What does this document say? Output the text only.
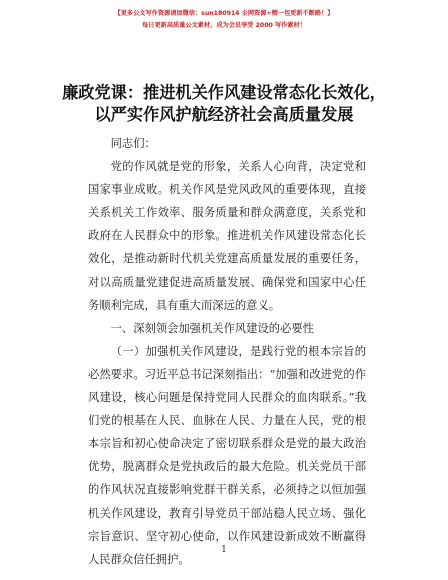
【更多公文写作资源请加微信：sun180914 全网资源+精一包更新不断路！】
每日更新高质量公文素材，成为会员享受 2000 写作素材！
廉政党课：推进机关作风建设常态化长效化，
以严实作风护航经济社会高质量发展

同志们：

党的作风就是党的形象，关系人心向背，决定党和国家事业成败。机关作风是党风政风的重要体现，直接关系机关工作效率、服务质量和群众满意度，关系党和政府在人民群众中的形象。推进机关作风建设常态化长效化，是推动新时代机关党建高质量发展的重要任务，对以高质量党建促进高质量发展、确保党和国家中心任务顺利完成，具有重大而深远的意义。

一、深刻领会加强机关作风建设的必要性

（一）加强机关作风建设，是践行党的根本宗旨的必然要求。习近平总书记深刻指出：“加强和改进党的作风建设，核心问题是保持党同人民群众的血肉联系。”我们党的根基在人民、血脉在人民、力量在人民，党的根本宗旨和初心使命决定了密切联系群众是党的最大政治优势，脱离群众是党执政后的最大危险。机关党员干部的作风状况直接影响党群干群关系，必须持之以恒加强机关作风建设，教育引导党员干部站稳人民立场、强化宗旨意识、坚守初心使命，以作风建设新成效不断赢得人民群众信任拥护。

1
